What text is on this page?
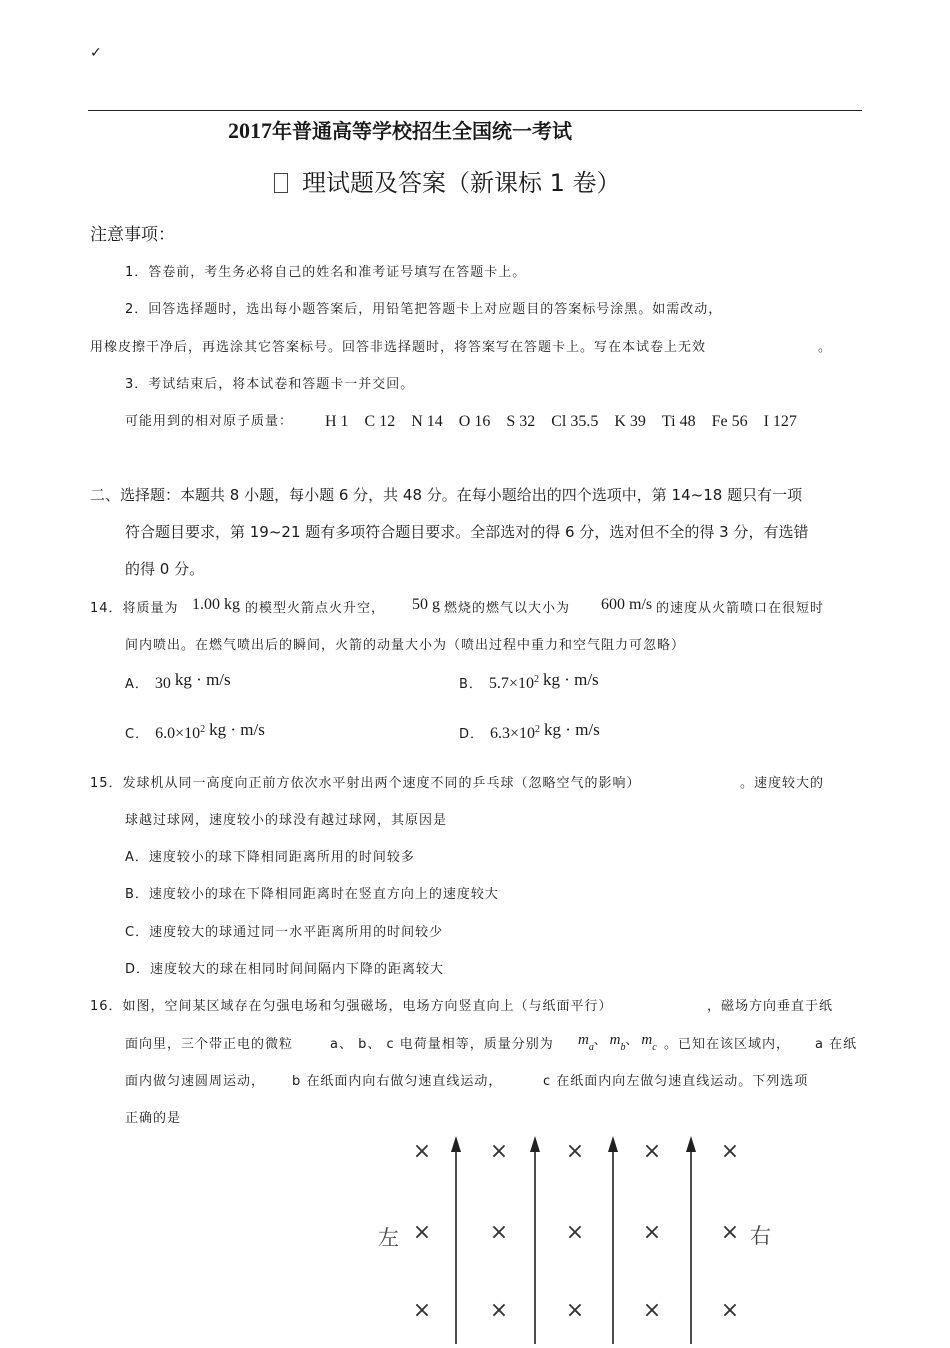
✓
2017年普通高等学校招生全国统一考试
理试题及答案（新课标 1 卷）
注意事项：
1．答卷前，考生务必将自己的姓名和准考证号填写在答题卡上。
2．回答选择题时，选出每小题答案后，用铅笔把答题卡上对应题目的答案标号涂黑。如需改动，
用橡皮擦干净后，再选涂其它答案标号。回答非选择题时，将答案写在答题卡上。写在本试卷上无效	。
3．考试结束后，将本试卷和答题卡一并交回。
可能用到的相对原子质量： H 1　C 12　N 14　O 16　S 32　Cl 35.5　K 39　Ti 48　Fe 56　I 127
二、选择题：本题共 8 小题，每小题 6 分，共 48 分。在每小题给出的四个选项中，第 14~18 题只有一项
符合题目要求，第 19~21 题有多项符合题目要求。全部选对的得 6 分，选对但不全的得 3 分，有选错
的得 0 分。
14．将质量为 1.00 kg 的模型火箭点火升空， 50 g 燃烧的燃气以大小为 600 m/s 的速度从火箭喷口在很短时
间内喷出。在燃气喷出后的瞬间，火箭的动量大小为（喷出过程中重力和空气阻力可忽略）
A． 30 kg · m/s	B． $5.7\times 10^2$ kg · m/s
C． $6.0\times 10^2$ kg · m/s	D． $6.3\times 10^2$ kg · m/s
15．发球机从同一高度向正前方依次水平射出两个速度不同的乒乓球（忽略空气的影响）	。速度较大的
球越过球网，速度较小的球没有越过球网，其原因是
A．速度较小的球下降相同距离所用的时间较多
B．速度较小的球在下降相同距离时在竖直方向上的速度较大
C．速度较大的球通过同一水平距离所用的时间较少
D．速度较大的球在相同时间间隔内下降的距离较大
16．如图，空间某区域存在匀强电场和匀强磁场，电场方向竖直向上（与纸面平行）	，磁场方向垂直于纸
面向里，三个带正电的微粒	a、 b、 c 电荷量相等，质量分别为 $m_a$、 $m_b$、 $m_c$ 。已知在该区域内， a 在纸
面内做匀速圆周运动， b 在纸面内向右做匀速直线运动，	c 在纸面内向左做匀速直线运动。下列选项
正确的是
×	×	×	×	×
×	×	×	×	×
×	×	×	×	×
左	右
